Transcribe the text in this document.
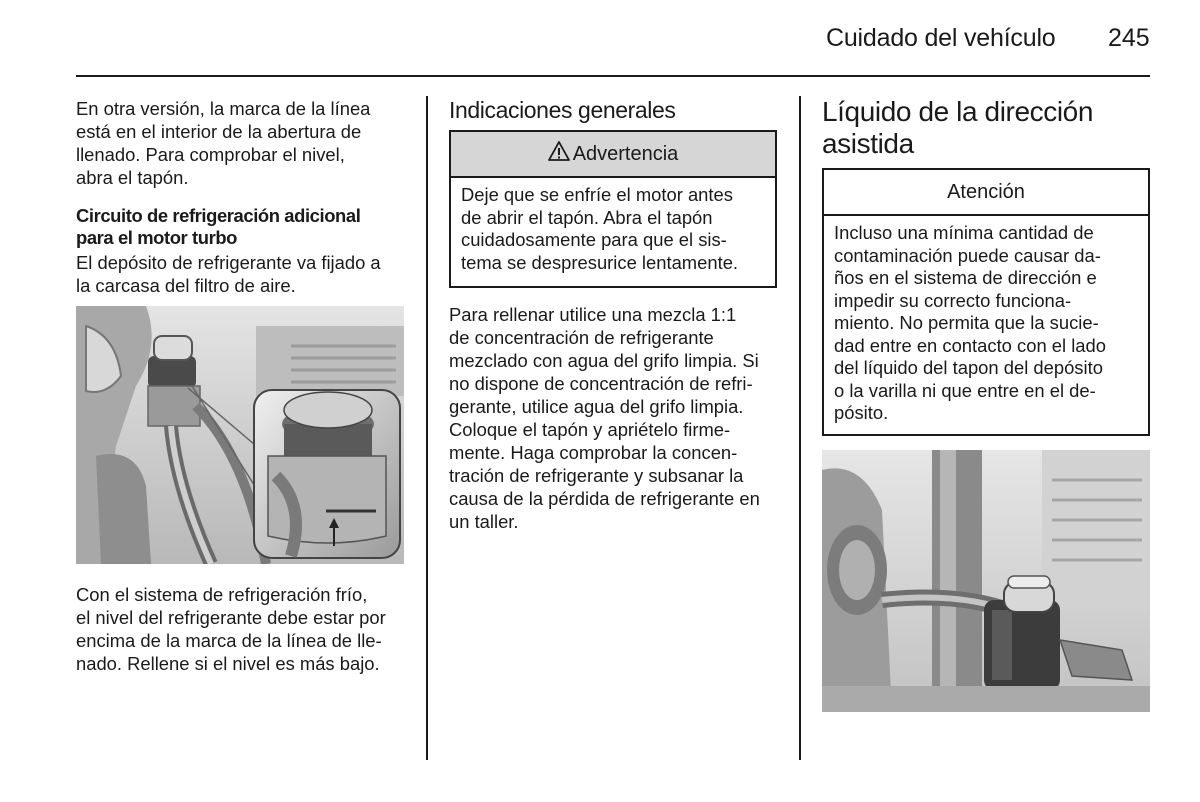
Cuidado del vehículo 245
En otra versión, la marca de la línea
está en el interior de la abertura de
llenado. Para comprobar el nivel,
abra el tapón.
Circuito de refrigeración adicional
para el motor turbo
El depósito de refrigerante va fijado a
la carcasa del filtro de aire.
Con el sistema de refrigeración frío,
el nivel del refrigerante debe estar por
encima de la marca de la línea de lle-
nado. Rellene si el nivel es más bajo.
Indicaciones generales
Advertencia
Deje que se enfríe el motor antes
de abrir el tapón. Abra el tapón
cuidadosamente para que el sis-
tema se despresurice lentamente.
Para rellenar utilice una mezcla 1:1
de concentración de refrigerante
mezclado con agua del grifo limpia. Si
no dispone de concentración de refri-
gerante, utilice agua del grifo limpia.
Coloque el tapón y apriételo firme-
mente. Haga comprobar la concen-
tración de refrigerante y subsanar la
causa de la pérdida de refrigerante en
un taller.
Líquido de la dirección
asistida
Atención
Incluso una mínima cantidad de
contaminación puede causar da-
ños en el sistema de dirección e
impedir su correcto funciona-
miento. No permita que la sucie-
dad entre en contacto con el lado
del líquido del tapon del depósito
o la varilla ni que entre en el de-
pósito.
